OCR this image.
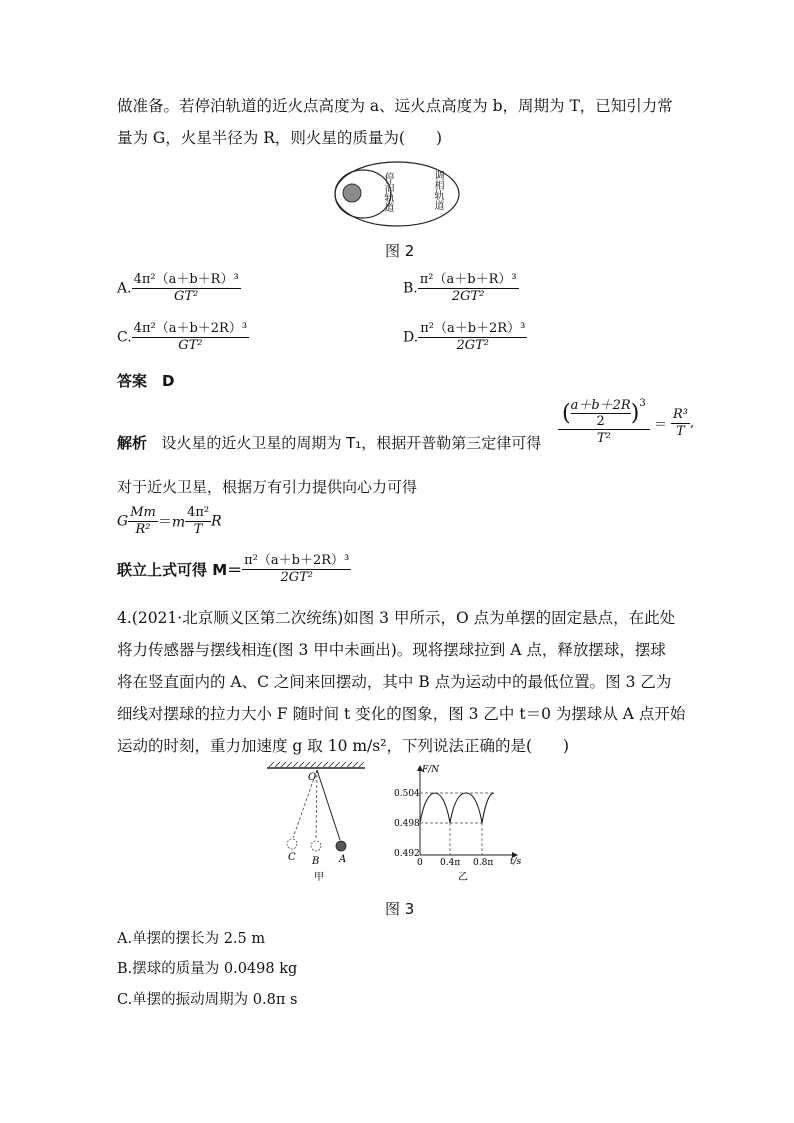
做准备。若停泊轨道的近火点高度为 a、远火点高度为 b，周期为 T，已知引力常
量为 G，火星半径为 R，则火星的质量为(　　)
停泊轨道	调相轨道
图 2
A. $\frac{\text{4π²（a＋b＋R）³}}{\text{GT²}}$	B. $\frac{\text{π²（a＋b＋R）³}}{\text{2GT²}}$
C. $\frac{\text{4π²（a＋b＋2R）³}}{\text{GT²}}$	D. $\frac{\text{π²（a＋b＋2R）³}}{\text{2GT²}}$
答案　D
解析 设火星的近火卫星的周期为 T₁，根据开普勒第三定律可得 $\frac{( \frac{a+b+2R}{2} )^3}{\text{T²}} = \frac{\text{R³}}{T}$ ,
对于近火卫星，根据万有引力提供向心力可得
G $\frac{Mm}{\text{R²}} =m \frac{\text{4π²}}{T}$ R
联立上式可得 $M= \frac{\text{π²（a＋b＋2R）³}}{\text{2GT²}}$
4.(2021·北京顺义区第二次统练)如图 3 甲所示，O 点为单摆的固定悬点，在此处
将力传感器与摆线相连(图 3 甲中未画出)。现将摆球拉到 A 点，释放摆球，摆球
将在竖直面内的 A、C 之间来回摆动，其中 B 点为运动中的最低位置。图 3 乙为
细线对摆球的拉力大小 F 随时间 t 变化的图象，图 3 乙中 t＝0 为摆球从 A 点开始
运动的时刻，重力加速度 g 取 10 m/s²，下列说法正确的是(　　)
O
C B A
甲
F/N
t/s
0.504
0.498
0.492
0 0.4π 0.8π
乙
图 3
A.单摆的摆长为 2.5 m
B.摆球的质量为 0.0498 kg
C.单摆的振动周期为 0.8π s
